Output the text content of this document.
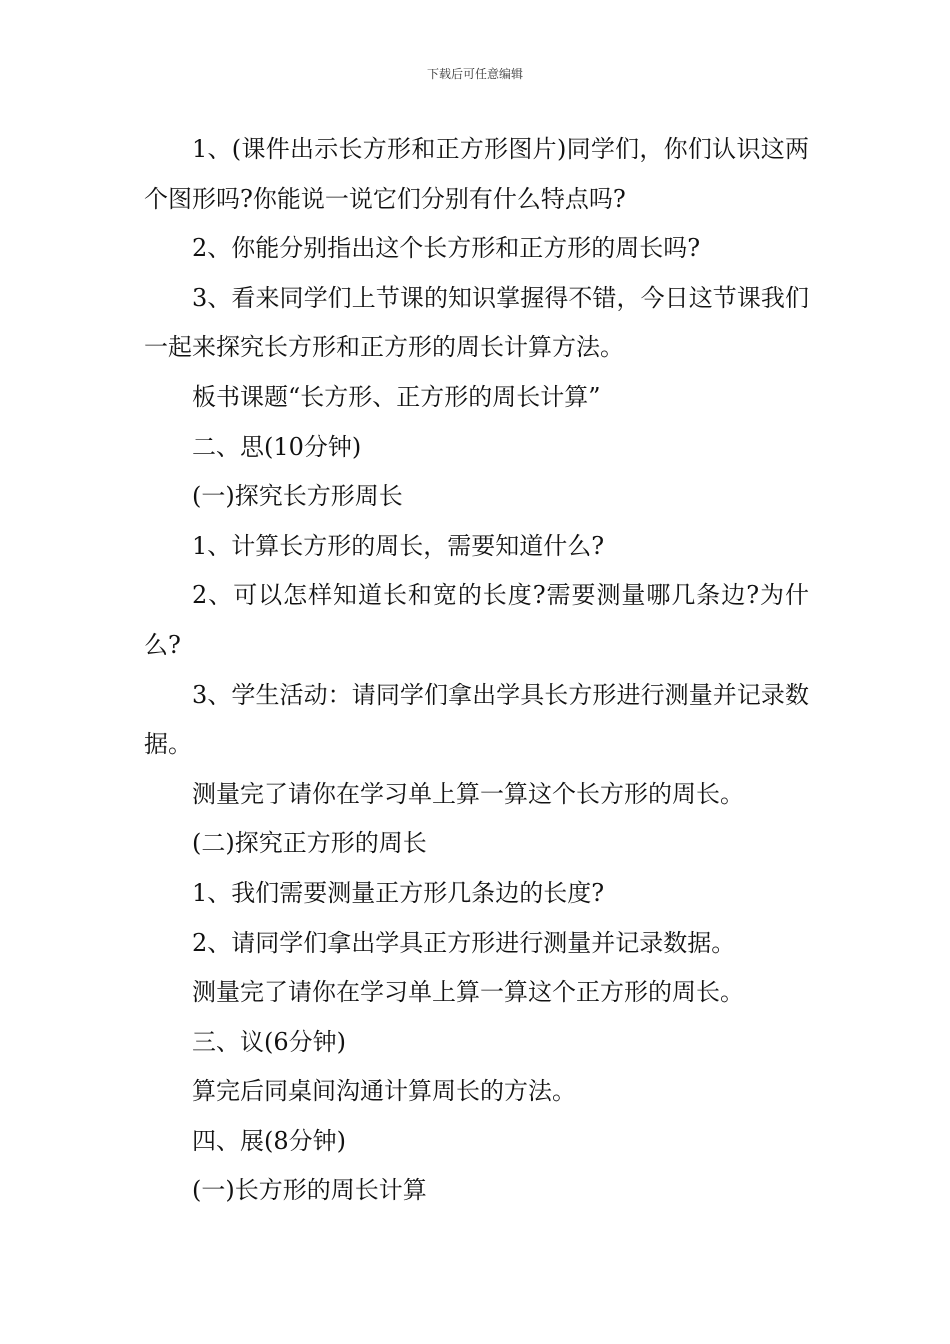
下载后可任意编辑

1、(课件出示长方形和正方形图片)同学们，你们认识这两个图形吗?你能说一说它们分别有什么特点吗?

2、你能分别指出这个长方形和正方形的周长吗?

3、看来同学们上节课的知识掌握得不错，今日这节课我们一起来探究长方形和正方形的周长计算方法。

板书课题“长方形、正方形的周长计算”

二、思(10分钟)

(一)探究长方形周长

1、计算长方形的周长，需要知道什么?

2、可以怎样知道长和宽的长度?需要测量哪几条边?为什么?

3、学生活动：请同学们拿出学具长方形进行测量并记录数据。

测量完了请你在学习单上算一算这个长方形的周长。

(二)探究正方形的周长

1、我们需要测量正方形几条边的长度?

2、请同学们拿出学具正方形进行测量并记录数据。

测量完了请你在学习单上算一算这个正方形的周长。

三、议(6分钟)

算完后同桌间沟通计算周长的方法。

四、展(8分钟)

(一)长方形的周长计算
